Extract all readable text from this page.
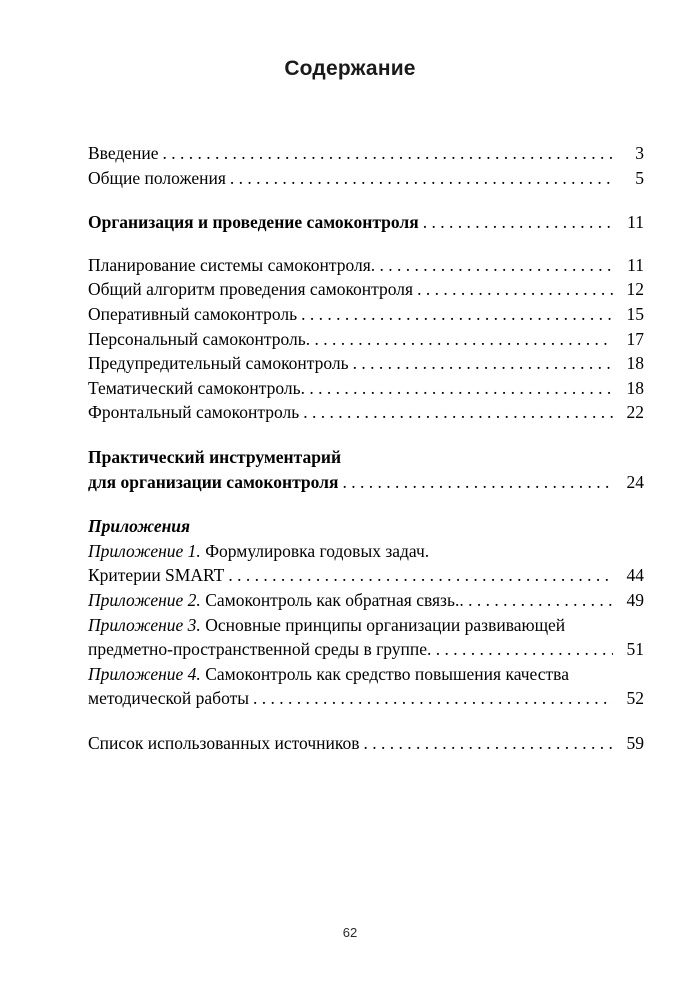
Содержание
Введение . . .	3
Общие положения . . .	5
Организация и проведение самоконтроля . . .	11
Планирование системы самоконтроля . . .	11
Общий алгоритм проведения самоконтроля . . .	12
Оперативный самоконтроль . . .	15
Персональный самоконтроль . . .	17
Предупредительный самоконтроль . . .	18
Тематический самоконтроль . . .	18
Фронтальный самоконтроль . . .	22
Практический инструментарий
для организации самоконтроля . . .	24
Приложения
Приложение 1. Формулировка годовых задач.
Критерии SMART . . .	44
Приложение 2. Самоконтроль как обратная связь. . . .	49
Приложение 3. Основные принципы организации развивающей
предметно-пространственной среды в группе . . .	51
Приложение 4. Самоконтроль как средство повышения качества
методической работы . . .	52
Список использованных источников . . .	59
62
